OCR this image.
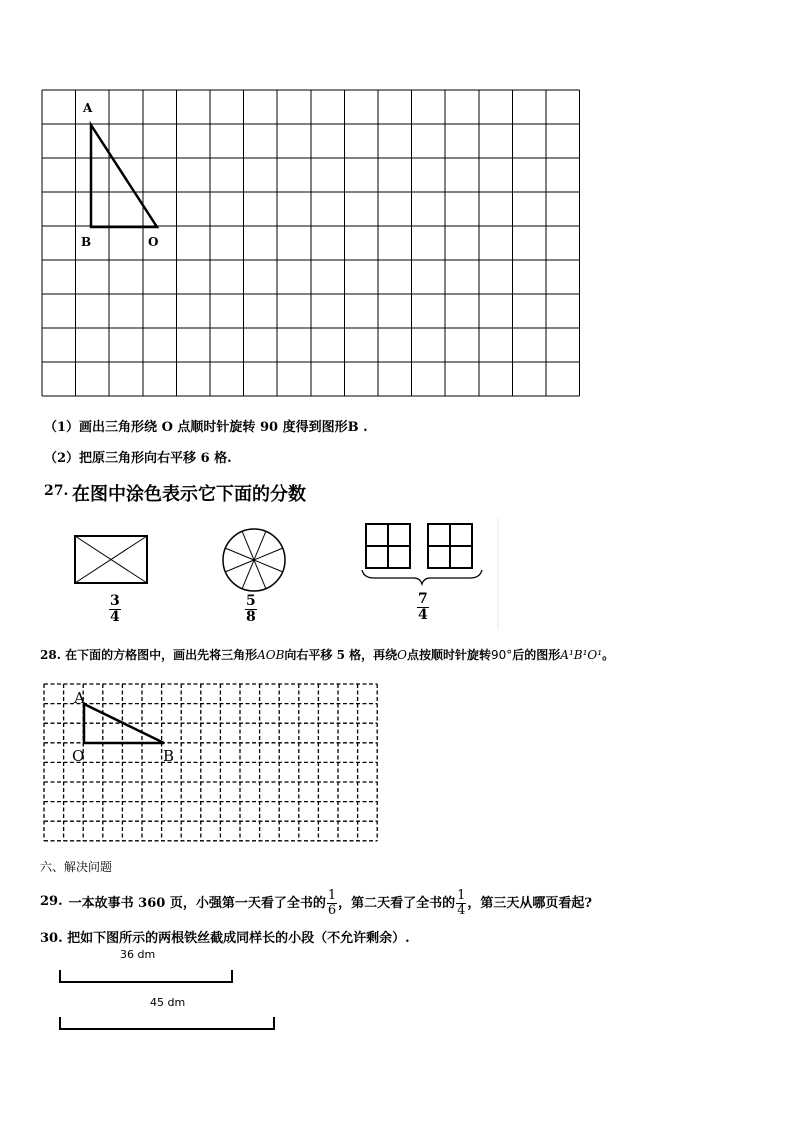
A
B	O
（1）画出三角形绕 O 点顺时针旋转 90 度得到图形B .
（2）把原三角形向右平移 6 格.
27. 在图中涂色表示它下面的分数
3
4
5
8
7
4
28. 在下面的方格图中，画出先将三角形AOB向右平移 5 格，再绕O点按顺时针旋转90°后的图形A¹B¹O¹。
A
O	B
六、解决问题
29. 一本故事书 360 页，小强第一天看了全书的 $\frac{1}{6}$ ，第二天看了全书的 $\frac{1}{4}$ ，第三天从哪页看起?
30. 把如下图所示的两根铁丝截成同样长的小段（不允许剩余）.
36 dm
45 dm
